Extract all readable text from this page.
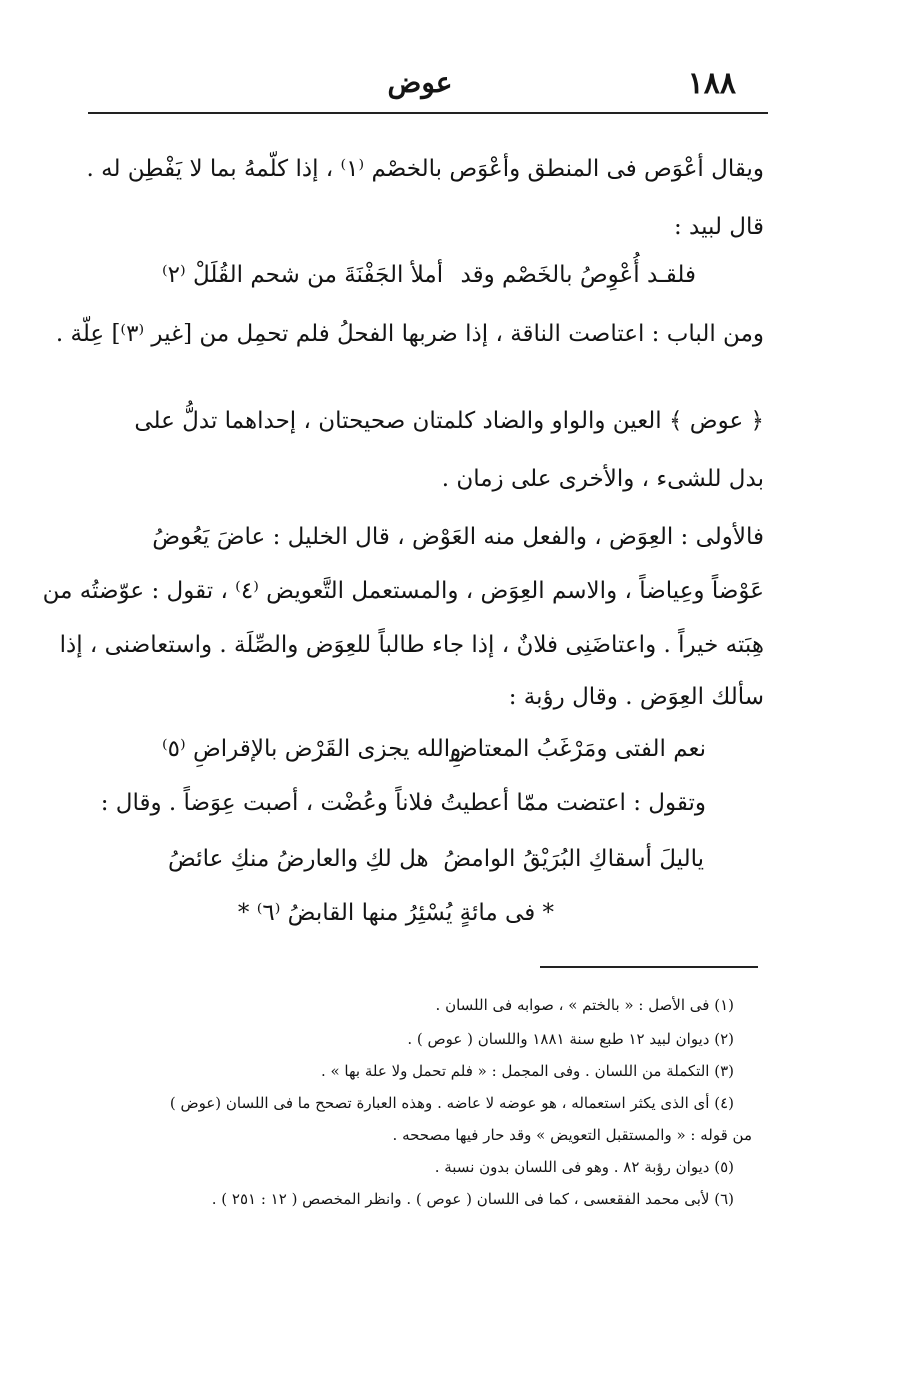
١٨٨
عوض
ويقال أعْوَص فى المنطق وأعْوَص بالخصْم ⁽١⁾ ، إذا كلّمهُ بما لا يَفْطِن له .
قال لبيد :
فلقـد أُعْوِصُ بالخَصْم وقد
أملأ الجَفْنَةَ من شحم القُلَلْ ⁽٢⁾
ومن الباب : اعتاصت الناقة ، إذا ضربها الفحلُ فلم تحمِل من [غير ⁽٣⁾] عِلّة .
﴿ عوض ﴾ العين والواو والضاد كلمتان صحيحتان ، إحداهما تدلُّ على
بدل للشىء ، والأخرى على زمان .
فالأولى : العِوَض ، والفعل منه العَوْض ، قال الخليل : عاضَ يَعُوضُ
عَوْضاً وعِياضاً ، والاسم العِوَض ، والمستعمل التَّعويض ⁽٤⁾ ، تقول : عوّضتُه من
هِبَته خيراً . واعتاضَنِى فلانٌ ، إذا جاء طالباً للعِوَض والصِّلَة . واستعاضنى ، إذا
سألك العِوَض . وقال رؤبة :
نعم الفتى ومَرْغَبُ المعتاضِ
والله يجزى القَرْض بالإقراضِ ⁽٥⁾
وتقول : اعتضت ممّا أعطيتُ فلاناً وعُضْت ، أصبت عِوَضاً . وقال :
ياليلَ أسقاكِ البُرَيْقُ الوامضُ
هل لكِ والعارضُ منكِ عائضُ
* فى مائةٍ يُسْئِرُ منها القابضُ ⁽٦⁾ *
(١) فى الأصل : « بالختم » ، صوابه فى اللسان .
(٢) ديوان لبيد ١٢ طبع سنة ١٨٨١ واللسان ( عوص ) .
(٣) التكملة من اللسان . وفى المجمل : « فلم تحمل ولا علة بها » .
(٤) أى الذى يكثر استعماله ، هو عوضه لا عاضه . وهذه العبارة تصحح ما فى اللسان (عوض )
من قوله : « والمستقبل التعويض » وقد حار فيها مصححه .
(٥) ديوان رؤبة ٨٢ . وهو فى اللسان بدون نسبة .
(٦) لأبى محمد الفقعسى ، كما فى اللسان ( عوص ) . وانظر المخصص ( ١٢ : ٢٥١ ) .
